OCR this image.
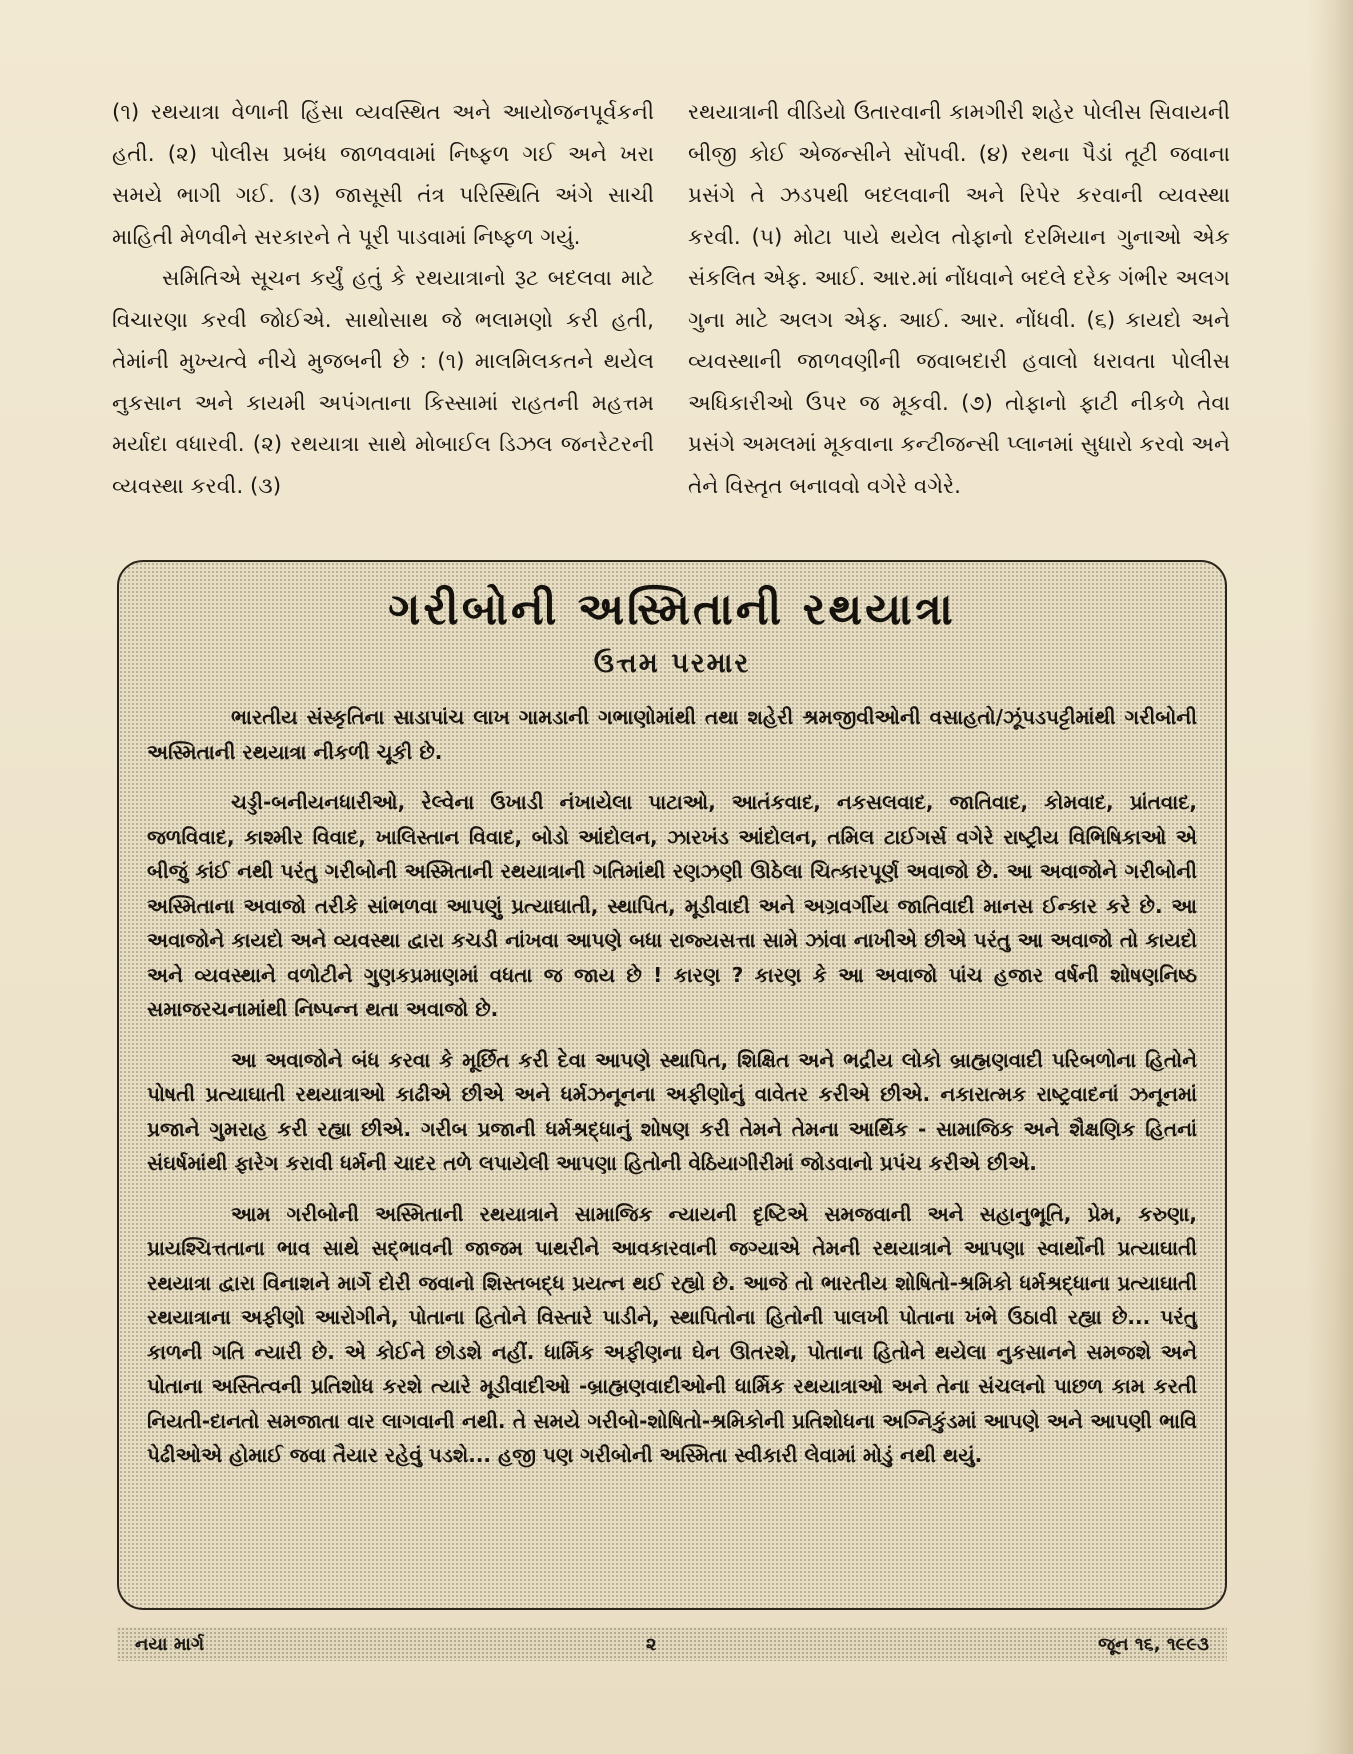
(૧) રથયાત્રા વેળાની હિંસા વ્યવસ્થિત અને આયોજનપૂર્વકની હતી. (૨) પોલીસ પ્રબંધ જાળવવામાં નિષ્ફળ ગઈ અને ખરા સમયે ભાગી ગઈ. (૩) જાસૂસી તંત્ર પરિસ્થિતિ અંગે સાચી માહિતી મેળવીને સરકારને તે પૂરી પાડવામાં નિષ્ફળ ગયું.

સમિતિએ સૂચન કર્યું હતું કે રથયાત્રાનો રૂટ બદલવા માટે વિચારણા કરવી જોઈએ. સાથોસાથ જે ભલામણો કરી હતી, તેમાંની મુખ્યત્વે નીચે મુજબની છે : (૧) માલમિલકતને થયેલ નુકસાન અને કાયમી અપંગતાના કિસ્સામાં રાહતની મહત્તમ મર્યાદા વધારવી. (૨) રથયાત્રા સાથે મોબાઈલ ડિઝલ જનરેટરની વ્યવસ્થા કરવી. (૩)

રથયાત્રાની વીડિયો ઉતારવાની કામગીરી શહેર પોલીસ સિવાયની બીજી કોઈ એજન્સીને સોંપવી. (૪) રથના પૈડાં તૂટી જવાના પ્રસંગે તે ઝડપથી બદલવાની અને રિપેર કરવાની વ્યવસ્થા કરવી. (૫) મોટા પાયે થયેલ તોફાનો દરમિયાન ગુનાઓ એક સંકલિત એફ. આઈ. આર.માં નોંધવાને બદલે દરેક ગંભીર અલગ ગુના માટે અલગ એફ. આઈ. આર. નોંધવી. (૬) કાયદો અને વ્યવસ્થાની જાળવણીની જવાબદારી હવાલો ધરાવતા પોલીસ અધિકારીઓ ઉપર જ મૂકવી. (૭) તોફાનો ફાટી નીકળે તેવા પ્રસંગે અમલમાં મૂકવાના કન્ટીજન્સી પ્લાનમાં સુધારો કરવો અને તેને વિસ્તૃત બનાવવો વગેરે વગેરે.

ગરીબોની અસ્મિતાની રથયાત્રા
ઉત્તમ પરમાર

ભારતીય સંસ્કૃતિના સાડાપાંચ લાખ ગામડાની ગભાણોમાંથી તથા શહેરી શ્રમજીવીઓની વસાહતો/ઝૂંપડપટ્ટીમાંથી ગરીબોની અસ્મિતાની રથયાત્રા નીકળી ચૂકી છે.

ચડ્ડી-બનીયનધારીઓ, રેલ્વેના ઉખાડી નંખાયેલા પાટાઓ, આતંકવાદ, નકસલવાદ, જાતિવાદ, કોમવાદ, પ્રાંતવાદ, જળવિવાદ, કાશ્મીર વિવાદ, ખાલિસ્તાન વિવાદ, બોડો આંદોલન, ઝારખંડ આંદોલન, તમિલ ટાઈગર્સ વગેરે રાષ્ટ્રીય વિભિષિકાઓ એ બીજું કાંઈ નથી પરંતુ ગરીબોની અસ્મિતાની રથયાત્રાની ગતિમાંથી રણઝણી ઊઠેલા ચિત્કારપૂર્ણ અવાજો છે. આ અવાજોને ગરીબોની અસ્મિતાના અવાજો તરીકે સાંભળવા આપણું પ્રત્યાઘાતી, સ્થાપિત, મૂડીવાદી અને અગ્રવર્ગીય જાતિવાદી માનસ ઈન્કાર કરે છે. આ અવાજોને કાયદો અને વ્યવસ્થા દ્વારા કચડી નાંખવા આપણે બધા રાજ્યસત્તા સામે ઝાંવા નાખીએ છીએ પરંતુ આ અવાજો તો કાયદો અને વ્યવસ્થાને વળોટીને ગુણકપ્રમાણમાં વધતા જ જાય છે ! કારણ ? કારણ કે આ અવાજો પાંચ હજાર વર્ષની શોષણનિષ્ઠ સમાજરચનામાંથી નિષ્પન્ન થતા અવાજો છે.

આ અવાજોને બંધ કરવા કે મૂર્છિત કરી દેવા આપણે સ્થાપિત, શિક્ષિત અને ભદ્રીય લોકો બ્રાહ્મણવાદી પરિબળોના હિતોને પોષતી પ્રત્યાઘાતી રથયાત્રાઓ કાઢીએ છીએ અને ધર્મઝનૂનના અફીણોનું વાવેતર કરીએ છીએ. નકારાત્મક રાષ્ટ્રવાદનાં ઝનૂનમાં પ્રજાને ગુમરાહ કરી રહ્યા છીએ. ગરીબ પ્રજાની ધર્મશ્રદ્ધાનું શોષણ કરી તેમને તેમના આર્થિક - સામાજિક અને શૈક્ષણિક હિતનાં સંઘર્ષમાંથી ફારેગ કરાવી ધર્મની ચાદર તળે લપાયેલી આપણા હિતોની વેઠિયાગીરીમાં જોડવાનો પ્રપંચ કરીએ છીએ.

આમ ગરીબોની અસ્મિતાની રથયાત્રાને સામાજિક ન્યાયની દૃષ્ટિએ સમજવાની અને સહાનુભૂતિ, પ્રેમ, કરુણા, પ્રાયશ્ચિત્તતાના ભાવ સાથે સદ્ભાવની જાજમ પાથરીને આવકારવાની જગ્યાએ તેમની રથયાત્રાને આપણા સ્વાર્થોની પ્રત્યાઘાતી રથયાત્રા દ્વારા વિનાશને માર્ગે દોરી જવાનો શિસ્તબદ્ધ પ્રયત્ન થઈ રહ્યો છે. આજે તો ભારતીય શોષિતો-શ્રમિકો ધર્મશ્રદ્ધાના પ્રત્યાઘાતી રથયાત્રાના અફીણો આરોગીને, પોતાના હિતોને વિસ્તારે પાડીને, સ્થાપિતોના હિતોની પાલખી પોતાના ખંભે ઉઠાવી રહ્યા છે... પરંતુ કાળની ગતિ ન્યારી છે. એ કોઈને છોડશે નહીં. ધાર્મિક અફીણના ઘેન ઊતરશે, પોતાના હિતોને થયેલા નુકસાનને સમજશે અને પોતાના અસ્તિત્વની પ્રતિશોધ કરશે ત્યારે મૂડીવાદીઓ -બ્રાહ્મણવાદીઓની ધાર્મિક રથયાત્રાઓ અને તેના સંચલનો પાછળ કામ કરતી નિયતી-દાનતો સમજાતા વાર લાગવાની નથી. તે સમયે ગરીબો-શોષિતો-શ્રમિકોની પ્રતિશોધના અગ્નિકુંડમાં આપણે અને આપણી ભાવિ પેઢીઓએ હોમાઈ જવા તૈયાર રહેવું પડશે... હજી પણ ગરીબોની અસ્મિતા સ્વીકારી લેવામાં મોડું નથી થયું.

નયા માર્ગ	૨	જૂન ૧૬, ૧૯૯૩
